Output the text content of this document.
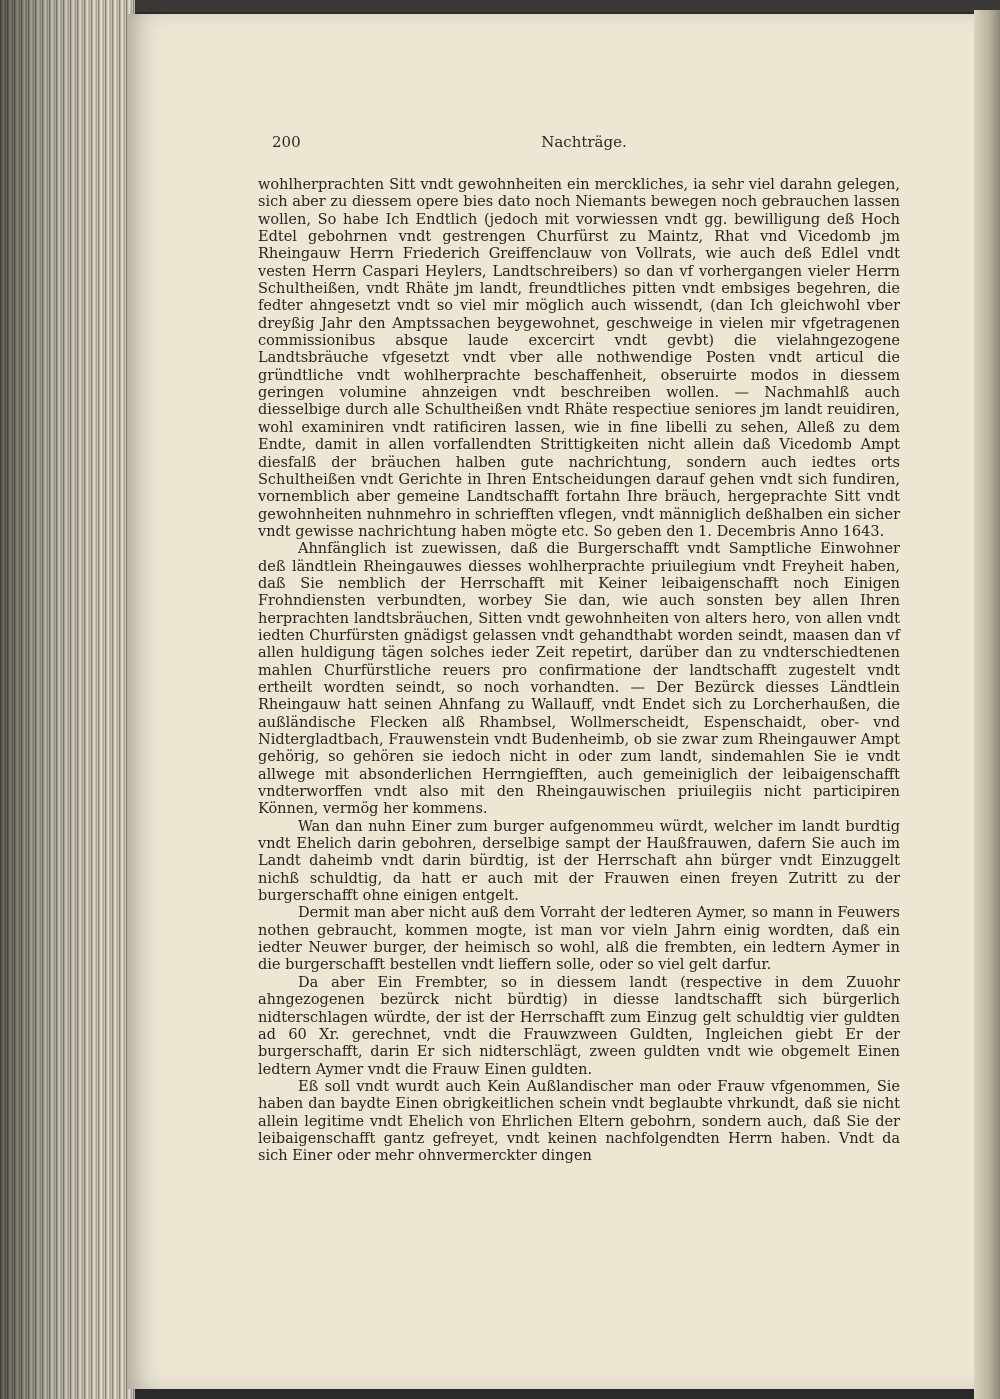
200	Nachträge.

wohlherprachten Sitt vndt gewohnheiten ein merckliches, ia sehr viel darahn gelegen, sich aber zu diessem opere bies dato noch Niemants bewegen noch gebrauchen lassen wollen, So habe Ich Endtlich (jedoch mit vorwiessen vndt gg. bewilligung deß Hoch Edtel gebohrnen vndt gestrengen Churfürst zu Maintz, Rhat vnd Vicedomb jm Rheingauw Herrn Friederich Greiffenclauw von Vollrats, wie auch deß Edlel vndt vesten Herrn Caspari Heylers, Landtschreibers) so dan vf vorhergangen vieler Herrn Schultheißen, vndt Rhäte jm landt, freundtliches pitten vndt embsiges begehren, die fedter ahngesetzt vndt so viel mir möglich auch wissendt, (dan Ich gleichwohl vber dreyßig Jahr den Amptssachen beygewohnet, geschweige in vielen mir vfgetragenen commissionibus absque laude excercirt vndt gevbt) die vielahngezogene Landtsbräuche vfgesetzt vndt vber alle nothwendige Posten vndt articul die gründtliche vndt wohlherprachte beschaffenheit, obseruirte modos in diessem geringen volumine ahnzeigen vndt beschreiben wollen. — Nachmahlß auch diesselbige durch alle Schultheißen vndt Rhäte respectiue seniores jm landt reuidiren, wohl examiniren vndt ratificiren lassen, wie in fine libelli zu sehen, Alleß zu dem Endte, damit in allen vorfallendten Strittigkeiten nicht allein daß Vicedomb Ampt diesfalß der bräuchen halben gute nachrichtung, sondern auch iedtes orts Schultheißen vndt Gerichte in Ihren Entscheidungen darauf gehen vndt sich fundiren, vornemblich aber gemeine Landtschafft fortahn Ihre bräuch, hergeprachte Sitt vndt gewohnheiten nuhnmehro in schriefften vflegen, vndt männiglich deßhalben ein sicher vndt gewisse nachrichtung haben mögte etc. So geben den 1. Decembris Anno 1643.

Ahnfänglich ist zuewissen, daß die Burgerschafft vndt Samptliche Einwohner deß ländtlein Rheingauwes diesses wohlherprachte priuilegium vndt Freyheit haben, daß Sie nemblich der Herrschafft mit Keiner leibaigenschafft noch Einigen Frohndiensten verbundten, worbey Sie dan, wie auch sonsten bey allen Ihren herprachten landtsbräuchen, Sitten vndt gewohnheiten von alters hero, von allen vndt iedten Churfürsten gnädigst gelassen vndt gehandthabt worden seindt, maasen dan vf allen huldigung tägen solches ieder Zeit repetirt, darüber dan zu vndterschiedtenen mahlen Churfürstliche reuers pro confirmatione der landtschafft zugestelt vndt ertheilt wordten seindt, so noch vorhandten. — Der Bezürck diesses Ländtlein Rheingauw hatt seinen Ahnfang zu Wallauff, vndt Endet sich zu Lorcherhaußen, die außländische Flecken alß Rhambsel, Wollmerscheidt, Espenschaidt, ober- vnd Nidtergladtbach, Frauwenstein vndt Budenheimb, ob sie zwar zum Rheingauwer Ampt gehörig, so gehören sie iedoch nicht in oder zum landt, sindemahlen Sie ie vndt allwege mit absonderlichen Herrngiefften, auch gemeiniglich der leibaigenschafft vndterworffen vndt also mit den Rheingauwischen priuilegiis nicht participiren Können, vermög her kommens.

Wan dan nuhn Einer zum burger aufgenommeu würdt, welcher im landt burdtig vndt Ehelich darin gebohren, derselbige sampt der Haußfrauwen, dafern Sie auch im Landt daheimb vndt darin bürdtig, ist der Herrschaft ahn bürger vndt Einzuggelt nichß schuldtig, da hatt er auch mit der Frauwen einen freyen Zutritt zu der burgerschafft ohne einigen entgelt.

Dermit man aber nicht auß dem Vorraht der ledteren Aymer, so mann in Feuwers nothen gebraucht, kommen mogte, ist man vor vieln Jahrn einig wordten, daß ein iedter Neuwer burger, der heimisch so wohl, alß die frembten, ein ledtern Aymer in die burgerschafft bestellen vndt lieffern solle, oder so viel gelt darfur.

Da aber Ein Frembter, so in diessem landt (respective in dem Zuuohr ahngezogenen bezürck nicht bürdtig) in diesse landtschafft sich bürgerlich nidterschlagen würdte, der ist der Herrschafft zum Einzug gelt schuldtig vier guldten ad 60 Xr. gerechnet, vndt die Frauwzween Guldten, Ingleichen giebt Er der burgerschafft, darin Er sich nidterschlägt, zween guldten vndt wie obgemelt Einen ledtern Aymer vndt die Frauw Einen guldten.

Eß soll vndt wurdt auch Kein Außlandischer man oder Frauw vfgenommen, Sie haben dan baydte Einen obrigkeitlichen schein vndt beglaubte vhrkundt, daß sie nicht allein legitime vndt Ehelich von Ehrlichen Eltern gebohrn, sondern auch, daß Sie der leibaigenschafft gantz gefreyet, vndt keinen nachfolgendten Herrn haben. Vndt da sich Einer oder mehr ohnvermerckter dingen
